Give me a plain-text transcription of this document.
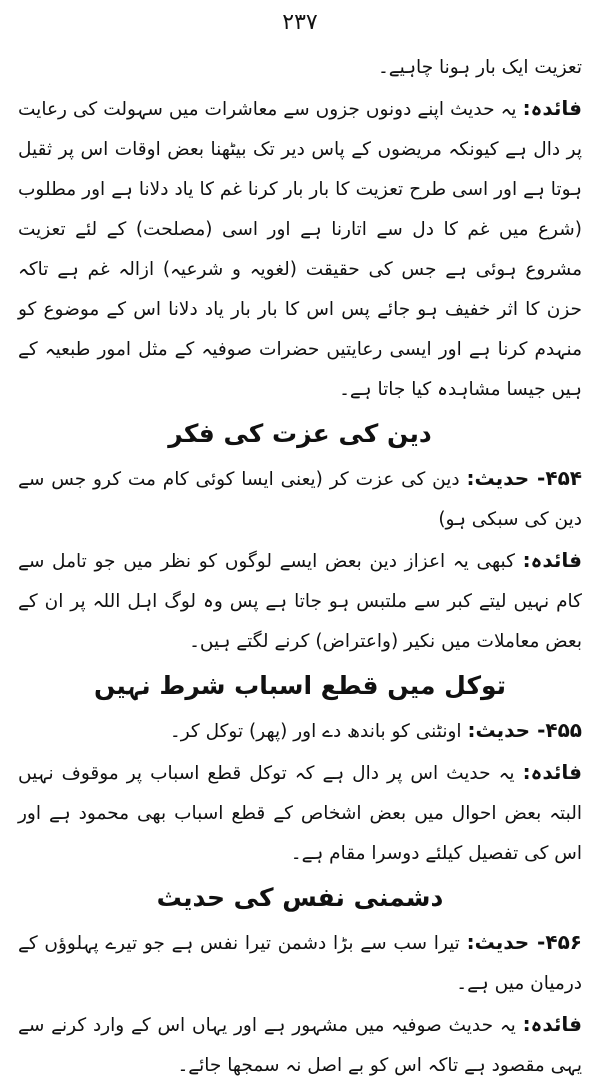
۲۳۷

تعزیت ایک بار ہونا چاہیے۔

فائدہ: یہ حدیث اپنے دونوں جزوں سے معاشرات میں سہولت کی رعایت پر دال ہے کیونکہ مریضوں کے پاس دیر تک بیٹھنا بعض اوقات اس پر ثقیل ہوتا ہے اور اسی طرح تعزیت کا بار بار کرنا غم کا یاد دلانا ہے اور مطلوب (شرع میں غم کا دل سے اتارنا ہے اور اسی (مصلحت) کے لئے تعزیت مشروع ہوئی ہے جس کی حقیقت (لغویہ و شرعیہ) ازالہ غم ہے تاکہ حزن کا اثر خفیف ہو جائے پس اس کا بار بار یاد دلانا اس کے موضوع کو منہدم کرنا ہے اور ایسی رعایتیں حضرات صوفیہ کے مثل امور طبعیہ کے ہیں جیسا مشاہدہ کیا جاتا ہے۔

دین کی عزت کی فکر

۴۵۴- حدیث: دین کی عزت کر (یعنی ایسا کوئی کام مت کرو جس سے دین کی سبکی ہو)

فائدہ: کبھی یہ اعزاز دین بعض ایسے لوگوں کو نظر میں جو تامل سے کام نہیں لیتے کبر سے ملتبس ہو جاتا ہے پس وہ لوگ اہل اللہ پر ان کے بعض معاملات میں نکیر (واعتراض) کرنے لگتے ہیں۔

توکل میں قطع اسباب شرط نہیں

۴۵۵- حدیث: اونٹنی کو باندھ دے اور (پھر) توکل کر۔

فائدہ: یہ حدیث اس پر دال ہے کہ توکل قطع اسباب پر موقوف نہیں البتہ بعض احوال میں بعض اشخاص کے قطع اسباب بھی محمود ہے اور اس کی تفصیل کیلئے دوسرا مقام ہے۔

دشمنی نفس کی حدیث

۴۵۶- حدیث: تیرا سب سے بڑا دشمن تیرا نفس ہے جو تیرے پہلوؤں کے درمیان میں ہے۔

فائدہ: یہ حدیث صوفیہ میں مشہور ہے اور یہاں اس کے وارد کرنے سے یہی مقصود ہے تاکہ اس کو بے اصل نہ سمجھا جائے۔
